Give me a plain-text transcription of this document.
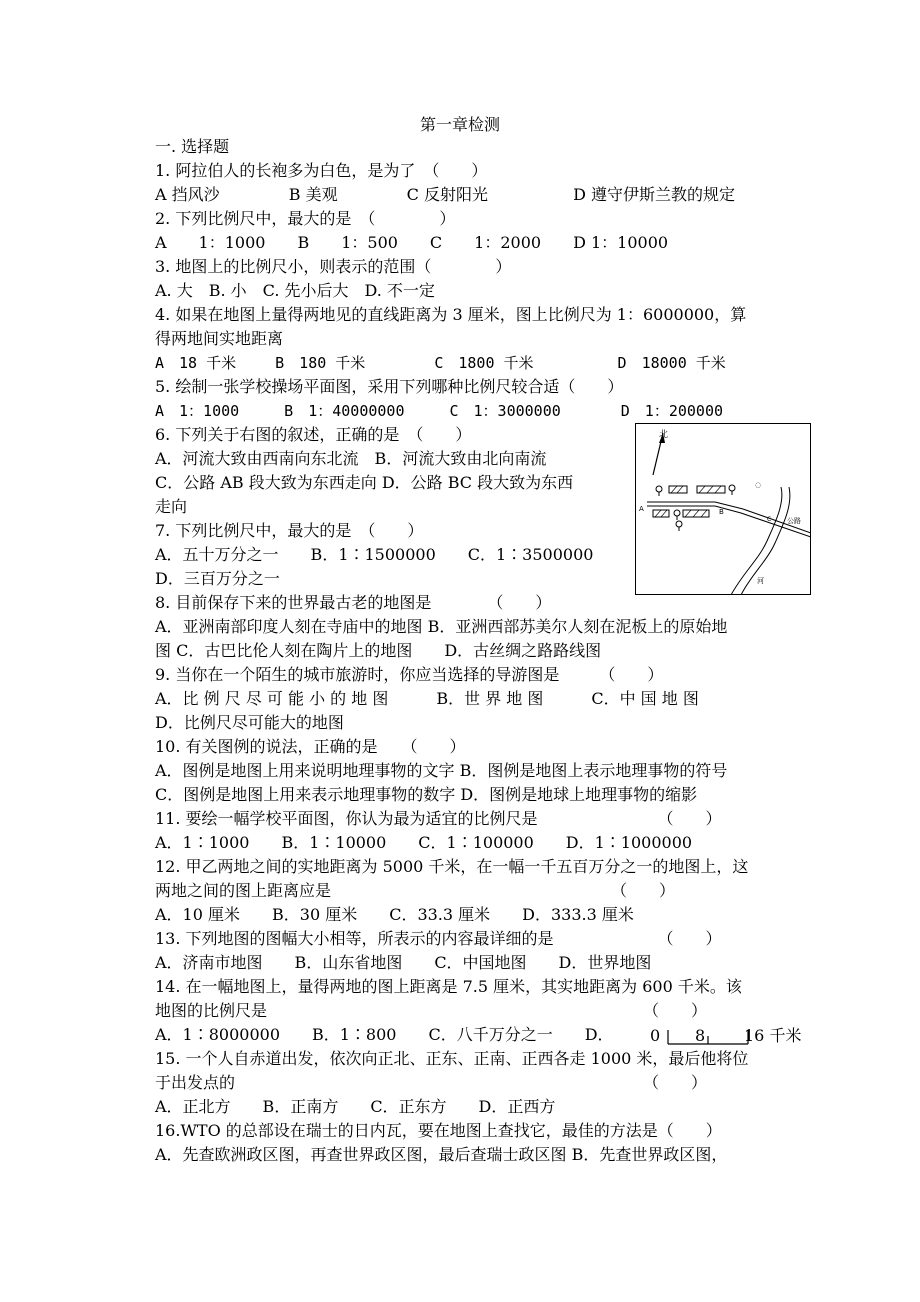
第一章检测
一. 选择题
1. 阿拉伯人的长袍多为白色，是为了　（　　）
A 挡风沙　　　　 B 美观　　　　 C 反射阳光　　　　　 D 遵守伊斯兰教的规定
2. 下列比例尺中，最大的是　（　　　　）
A　　1：1000　　B　　1：500　　C　　1：2000　　D 1：10000
3. 地图上的比例尺小，则表示的范围（　　　　）
A. 大　B. 小　C. 先小后大　D. 不一定
4. 如果在地图上量得两地见的直线距离为 3 厘米，图上比例尺为 1：6000000，算
得两地间实地距离
A　18 千米　　 B　180 千米　　　　 C　1800 千米　　　　　 D　18000 千米
5. 绘制一张学校操场平面图，采用下列哪种比例尺较合适（　　）
A　1：1000　　　B　1：40000000　　　C　1：3000000　　　　D　1：200000
6. 下列关于右图的叙述，正确的是　（　　）
A．河流大致由西南向东北流　B．河流大致由北向南流
C．公路 AB 段大致为东西走向 D．公路 BC 段大致为东西
走向
7. 下列比例尺中，最大的是　（　　）
A．五十万分之一　　B．1∶1500000　　C．1∶3500000
D．三百万分之一
8. 目前保存下来的世界最古老的地图是　　　　（　　）
A．亚洲南部印度人刻在寺庙中的地图 B．亚洲西部苏美尔人刻在泥板上的原始地
图 C．古巴比伦人刻在陶片上的地图　　D．古丝绸之路路线图
9. 当你在一个陌生的城市旅游时，你应当选择的导游图是　　　（　　）
A．比 例 尺 尽 可 能 小 的 地 图　　　B．世 界 地 图　　　C．中 国 地 图
D．比例尺尽可能大的地图
10. 有关图例的说法，正确的是　　（　　）
A．图例是地图上用来说明地理事物的文字 B．图例是地图上表示地理事物的符号
C．图例是地图上用来表示地理事物的数字 D．图例是地球上地理事物的缩影
11. 要绘一幅学校平面图，你认为最为适宜的比例尺是　　　　　　　　（　　）
A．1∶1000　　B．1∶10000　　C．1∶100000　　D．1∶1000000
12. 甲乙两地之间的实地距离为 5000 千米，在一幅一千五百万分之一的地图上，这
两地之间的图上距离应是　　　　　　　　　　　　　　　　　　（　　）
A．10 厘米　　B．30 厘米　　C．33.3 厘米　　D．333.3 厘米
13. 下列地图的图幅大小相等，所表示的内容最详细的是　　　　　　　（　　）
A．济南市地图　　B．山东省地图　　C．中国地图　　D．世界地图
14. 在一幅地图上，量得两地的图上距离是 7.5 厘米，其实地距离为 600 千米。该
地图的比例尺是　　　　　　　　　　　　　　　　　　　　　　　　（　　）
A．1∶8000000　　B．1∶800　　C．八千万分之一　　D． 0 8 16 千米
15. 一个人自赤道出发，依次向正北、正东、正南、正西各走 1000 米，最后他将位
于出发点的　　　　　　　　　　　　　　　　　　　　　　　　　　（　　）
A．正北方　　B．正南方　　C．正东方　　D．正西方
16.WTO 的总部设在瑞士的日内瓦，要在地图上查找它，最佳的方法是（　　）
A．先查欧洲政区图，再查世界政区图，最后查瑞士政区图 B．先查世界政区图，
北
A	B
C 公路
河
◌
